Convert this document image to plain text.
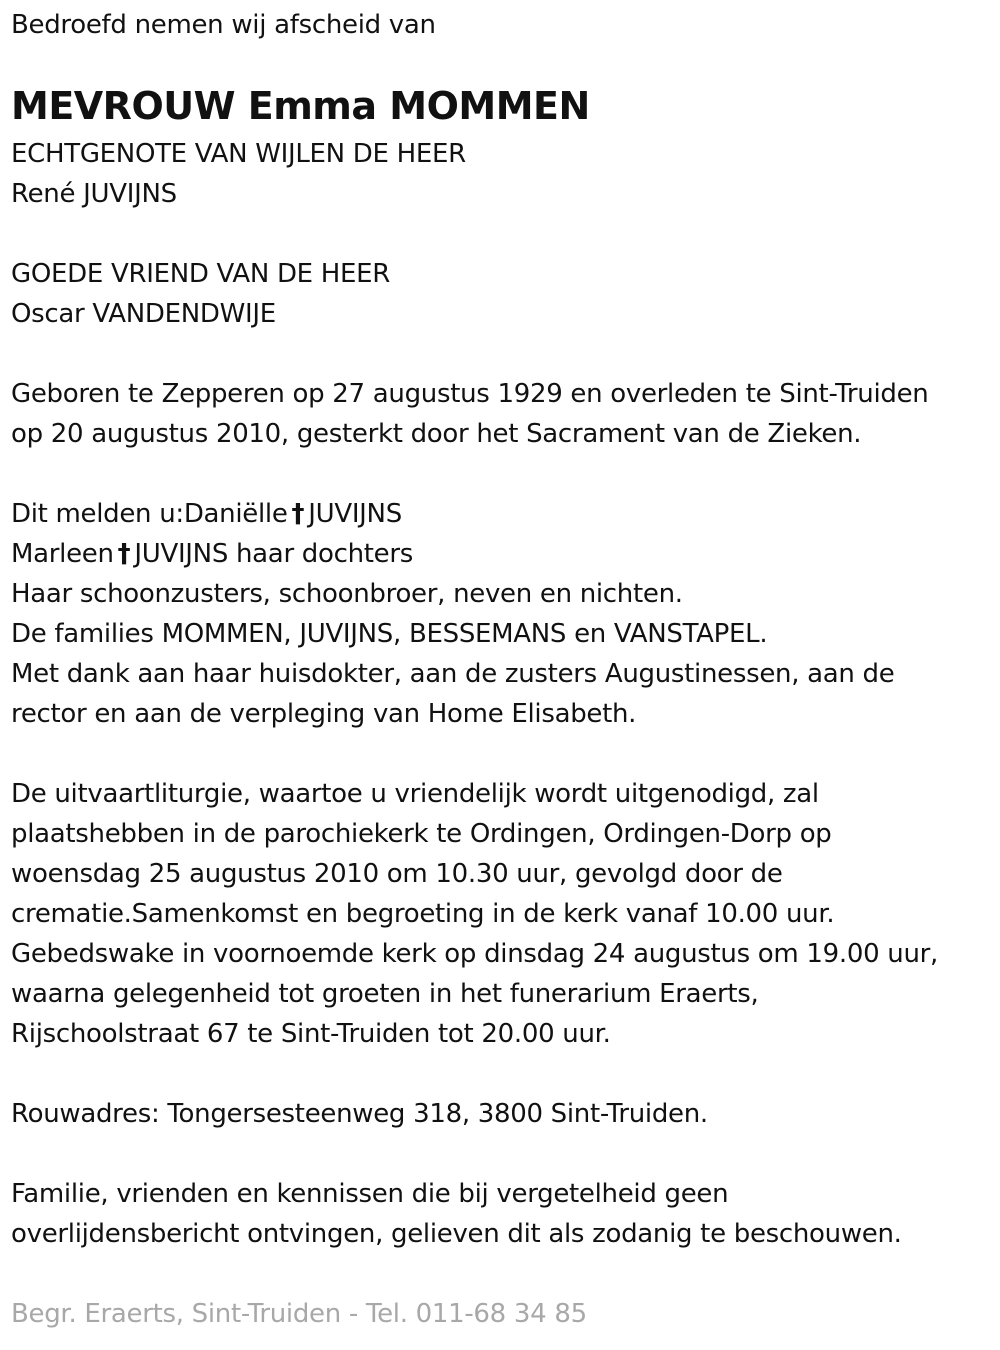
Bedroefd nemen wij afscheid van
MEVROUW Emma MOMMEN
ECHTGENOTE VAN WIJLEN DE HEER
René JUVIJNS
GOEDE VRIEND VAN DE HEER
Oscar VANDENDWIJE
Geboren te Zepperen op 27 augustus 1929 en overleden te Sint-Truiden
op 20 augustus 2010, gesterkt door het Sacrament van de Zieken.
Dit melden u:Daniëlle † JUVIJNS
Marleen † JUVIJNS haar dochters
Haar schoonzusters, schoonbroer, neven en nichten.
De families MOMMEN, JUVIJNS, BESSEMANS en VANSTAPEL.
Met dank aan haar huisdokter, aan de zusters Augustinessen, aan de
rector en aan de verpleging van Home Elisabeth.
De uitvaartliturgie, waartoe u vriendelijk wordt uitgenodigd, zal
plaatshebben in de parochiekerk te Ordingen, Ordingen-Dorp op
woensdag 25 augustus 2010 om 10.30 uur, gevolgd door de
crematie.Samenkomst en begroeting in de kerk vanaf 10.00 uur.
Gebedswake in voornoemde kerk op dinsdag 24 augustus om 19.00 uur,
waarna gelegenheid tot groeten in het funerarium Eraerts,
Rijschoolstraat 67 te Sint-Truiden tot 20.00 uur.
Rouwadres: Tongersesteenweg 318, 3800 Sint-Truiden.
Familie, vrienden en kennissen die bij vergetelheid geen
overlijdensbericht ontvingen, gelieven dit als zodanig te beschouwen.
Begr. Eraerts, Sint-Truiden - Tel. 011-68 34 85
